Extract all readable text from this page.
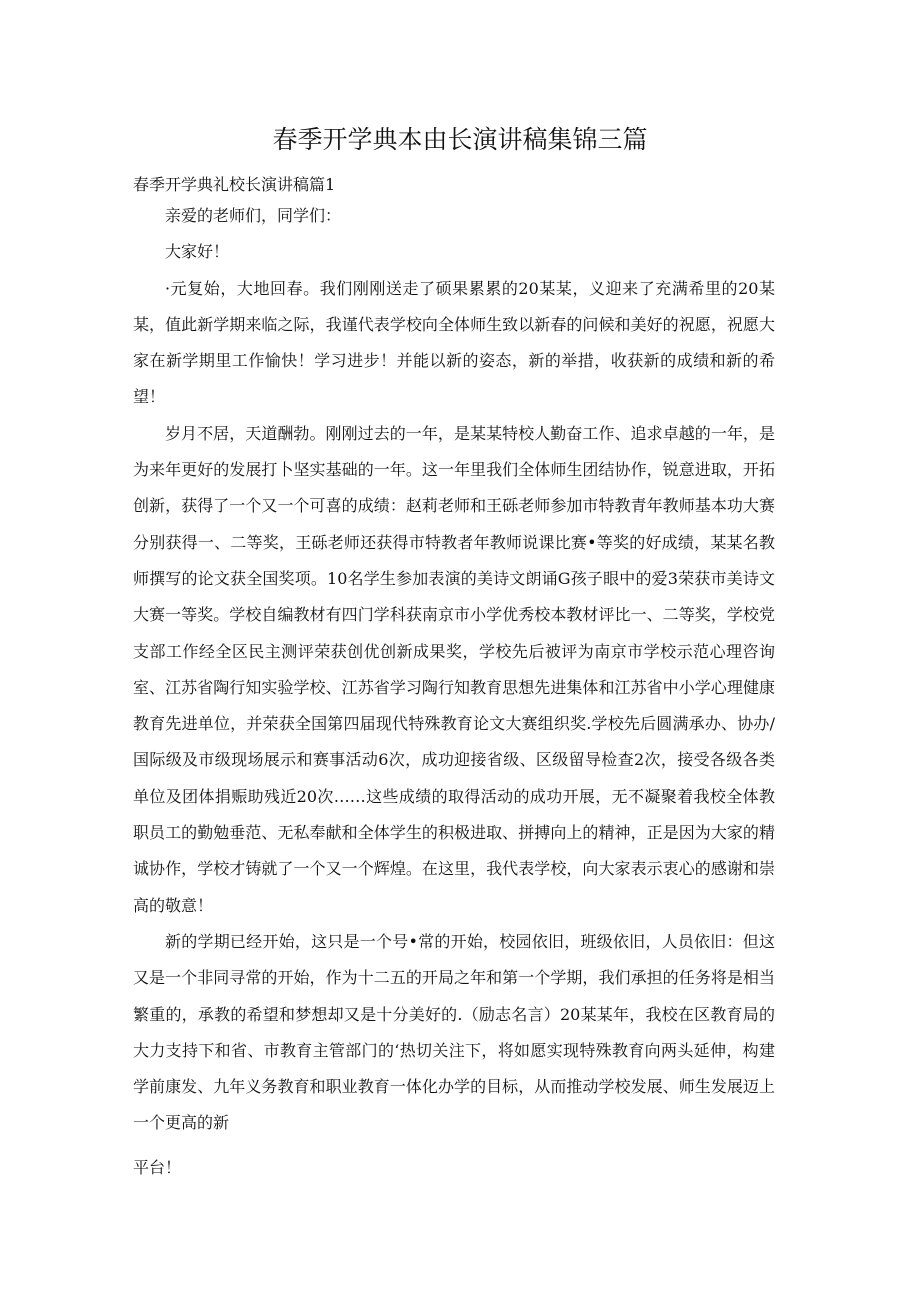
春季开学典本由长演讲稿集锦三篇

春季开学典礼校长演讲稿篇1

亲爱的老师们，同学们：

大家好！

·元复始，大地回春。我们刚刚送走了硕果累累的20某某，义迎来了充满希里的20某某，值此新学期来临之际，我谨代表学校向全体师生致以新春的问候和美好的祝愿，祝愿大家在新学期里工作愉快！学习进步！并能以新的姿态，新的举措，收获新的成绩和新的希望！

岁月不居，天道酬勃。刚刚过去的一年，是某某特校人勤奋工作、追求卓越的一年，是为来年更好的发展打卜坚实基础的一年。这一年里我们全体师生团结协作，锐意进取，开拓创新，获得了一个又一个可喜的成绩：赵莉老师和王砾老师参加市特教青年教师基本功大赛分别获得一、二等奖，王砾老师还获得市特教者年教师说课比赛•等奖的好成绩，某某名教师撰写的论文获全国奖项。10名学生参加表演的美诗文朗诵G孩子眼中的爱3荣获市美诗文大赛一等奖。学校自编教材有四门学科获南京市小学优秀校本教材评比一、二等奖，学校党支部工作经全区民主测评荣获创优创新成果奖，学校先后被评为南京市学校示范心理咨询室、江苏省陶行知实验学校、江苏省学习陶行知教育思想先进集体和江苏省中小学心理健康教育先进单位，并荣获全国第四届现代特殊教育论文大赛组织奖.学校先后圆满承办、协办/国际级及市级现场展示和赛事活动6次，成功迎接省级、区级留导检查2次，接受各级各类单位及团体捐赈助残近20次……这些成绩的取得活动的成功开展，无不凝聚着我校全体教职员工的勤勉垂范、无私奉献和全体学生的积极进取、拼搏向上的精神，正是因为大家的精诚协作，学校才铸就了一个又一个辉煌。在这里，我代表学校，向大家表示衷心的感谢和崇高的敬意！

新的学期已经开始，这只是一个号•常的开始，校园依旧，班级依旧，人员依旧：但这又是一个非同寻常的开始，作为十二五的开局之年和第一个学期，我们承担的任务将是相当繁重的，承教的希望和梦想却又是十分美好的.（励志名言）20某某年，我校在区教育局的大力支持下和省、市教育主管部门的‘热切关注下，将如愿实现特殊教育向两头延伸，构建学前康发、九年义务教育和职业教育一体化办学的目标，从而推动学校发展、师生发展迈上一个更高的新

平台！
